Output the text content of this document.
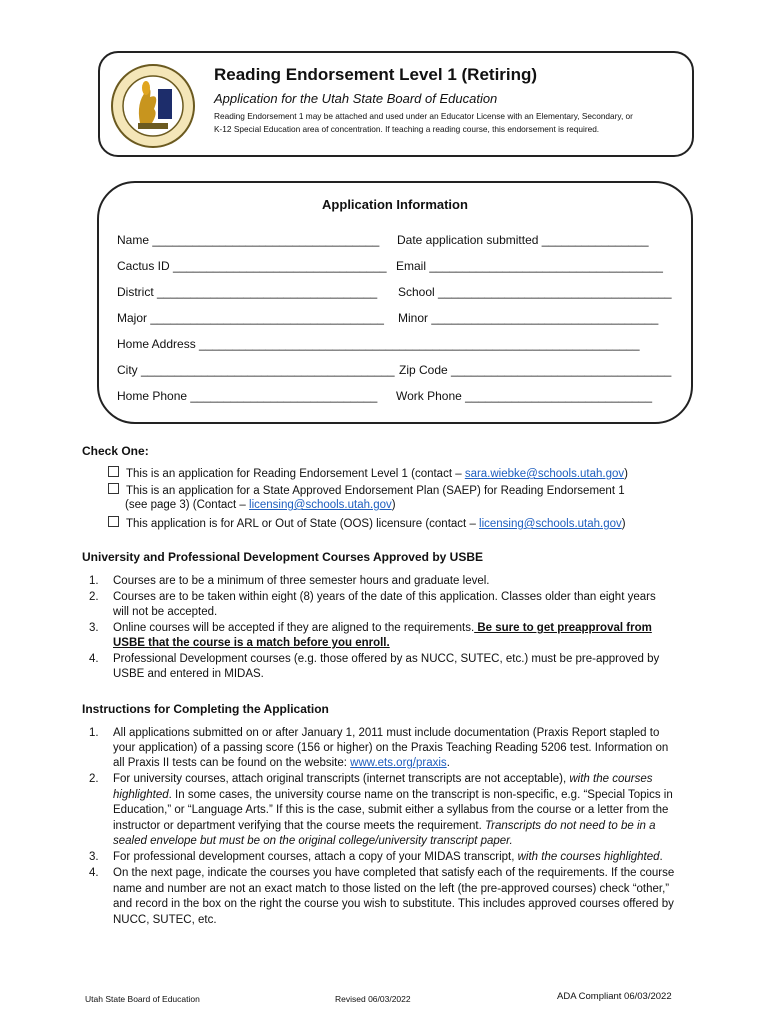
Reading Endorsement Level 1 (Retiring)
Application for the Utah State Board of Education
Reading Endorsement 1 may be attached and used under an Educator License with an Elementary, Secondary, or
K-12 Special Education area of concentration. If teaching a reading course, this endorsement is required.
Application Information
Name __________________________________ Date application submitted ________________
Cactus ID ________________________________ Email ___________________________________
District _________________________________ School ___________________________________
Major ___________________________________ Minor __________________________________
Home Address __________________________________________________________________
City ______________________________________ Zip Code _________________________________
Home Phone ____________________________ Work Phone ____________________________
Check One:
This is an application for Reading Endorsement Level 1 (contact – sara.wiebke@schools.utah.gov)
This is an application for a State Approved Endorsement Plan (SAEP) for Reading Endorsement 1
(see page 3) (Contact – licensing@schools.utah.gov)
This application is for ARL or Out of State (OOS) licensure (contact – licensing@schools.utah.gov)
University and Professional Development Courses Approved by USBE
1. Courses are to be a minimum of three semester hours and graduate level.
2. Courses are to be taken within eight (8) years of the date of this application. Classes older than eight years
will not be accepted.
3. Online courses will be accepted if they are aligned to the requirements. Be sure to get preapproval from
USBE that the course is a match before you enroll.
4. Professional Development courses (e.g. those offered by as NUCC, SUTEC, etc.) must be pre-approved by
USBE and entered in MIDAS.
Instructions for Completing the Application
1. All applications submitted on or after January 1, 2011 must include documentation (Praxis Report stapled to
your application) of a passing score (156 or higher) on the Praxis Teaching Reading 5206 test. Information on
all Praxis II tests can be found on the website: www.ets.org/praxis.
2. For university courses, attach original transcripts (internet transcripts are not acceptable), with the courses
highlighted. In some cases, the university course name on the transcript is non-specific, e.g. “Special Topics in
Education,” or “Language Arts.” If this is the case, submit either a syllabus from the course or a letter from the
instructor or department verifying that the course meets the requirement. Transcripts do not need to be in a
sealed envelope but must be on the original college/university transcript paper.
3. For professional development courses, attach a copy of your MIDAS transcript, with the courses highlighted.
4. On the next page, indicate the courses you have completed that satisfy each of the requirements. If the course
name and number are not an exact match to those listed on the left (the pre-approved courses) check “other,”
and record in the box on the right the course you wish to substitute. This includes approved courses offered by
NUCC, SUTEC, etc.
Utah State Board of Education	Revised 06/03/2022	ADA Compliant 06/03/2022
